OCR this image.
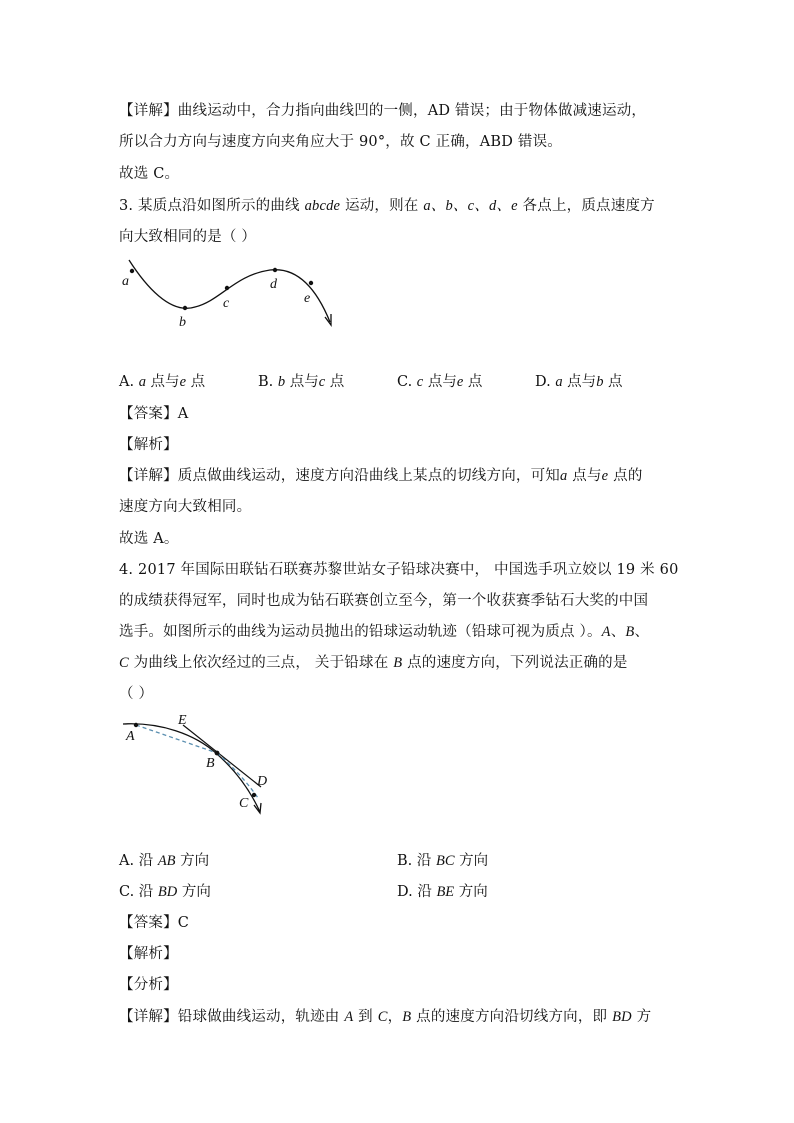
【详解】曲线运动中，合力指向曲线凹的一侧，AD 错误；由于物体做减速运动，
所以合力方向与速度方向夹角应大于 90°，故 C 正确，ABD 错误。
故选 C。
3. 某质点沿如图所示的曲线 abcde 运动，则在 a、b、c、d、e 各点上，质点速度方
向大致相同的是（ ）
a
b
c
d
e
A. a 点与e 点	B. b 点与c 点	C. c 点与e 点	D. a 点与b 点
【答案】A
【解析】
【详解】质点做曲线运动，速度方向沿曲线上某点的切线方向，可知a 点与e 点的
速度方向大致相同。
故选 A。
4. 2017 年国际田联钻石联赛苏黎世站女子铅球决赛中， 中国选手巩立姣以 19 米 60
的成绩获得冠军，同时也成为钻石联赛创立至今，第一个收获赛季钻石大奖的中国
选手。如图所示的曲线为运动员抛出的铅球运动轨迹（铅球可视为质点 ）。A、B、
C 为曲线上依次经过的三点， 关于铅球在 B 点的速度方向，下列说法正确的是
（ ）
A
E
B
D
C
A. 沿 AB 方向	B. 沿 BC 方向
C. 沿 BD 方向	D. 沿 BE 方向
【答案】C
【解析】
【分析】
【详解】铅球做曲线运动，轨迹由 A 到 C，B 点的速度方向沿切线方向，即 BD 方
